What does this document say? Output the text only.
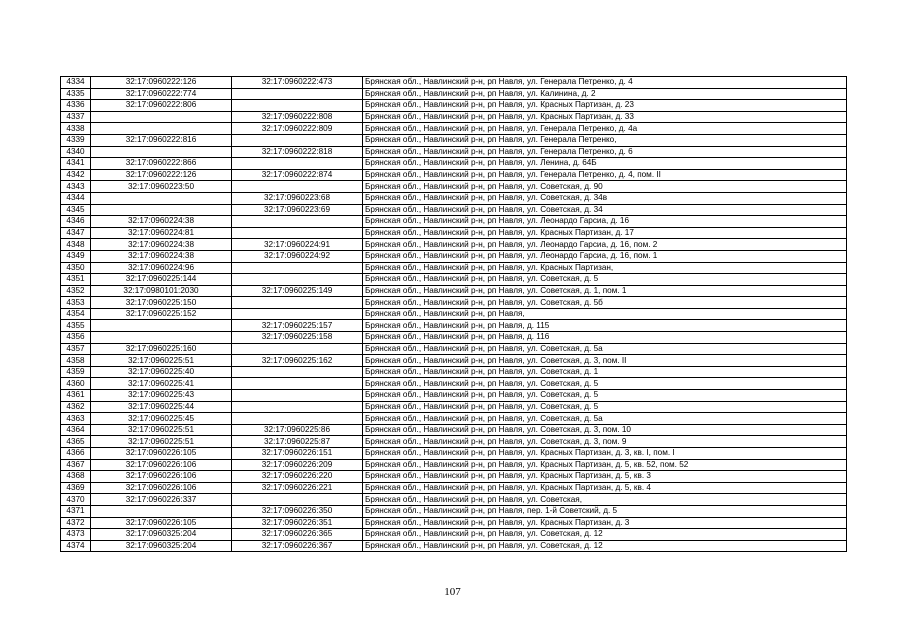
4334	32:17:0960222:126	32:17:0960222:473	Брянская обл., Навлинский р-н, рп Навля, ул. Генерала Петренко, д. 4
4335	32:17:0960222:774		Брянская обл., Навлинский р-н, рп Навля, ул. Калинина, д. 2
4336	32:17:0960222:806		Брянская обл., Навлинский р-н, рп Навля, ул. Красных Партизан, д. 23
4337		32:17:0960222:808	Брянская обл., Навлинский р-н, рп Навля, ул. Красных Партизан, д. 33
4338		32:17:0960222:809	Брянская обл., Навлинский р-н, рп Навля, ул. Генерала Петренко, д. 4а
4339	32:17:0960222:816		Брянская обл., Навлинский р-н, рп Навля, ул. Генерала Петренко,
4340		32:17:0960222:818	Брянская обл., Навлинский р-н, рп Навля, ул. Генерала Петренко, д. 6
4341	32:17:0960222:866		Брянская обл., Навлинский р-н, рп Навля, ул. Ленина, д. 64Б
4342	32:17:0960222:126	32:17:0960222:874	Брянская обл., Навлинский р-н, рп Навля, ул. Генерала Петренко, д. 4, пом. II
4343	32:17:0960223:50		Брянская обл., Навлинский р-н, рп Навля, ул. Советская, д. 90
4344		32:17:0960223:68	Брянская обл., Навлинский р-н, рп Навля, ул. Советская, д. 34в
4345		32:17:0960223:69	Брянская обл., Навлинский р-н, рп Навля, ул. Советская, д. 34
4346	32:17:0960224:38		Брянская обл., Навлинский р-н, рп Навля, ул. Леонардо Гарсиа, д. 16
4347	32:17:0960224:81		Брянская обл., Навлинский р-н, рп Навля, ул. Красных Партизан, д. 17
4348	32:17:0960224:38	32:17:0960224:91	Брянская обл., Навлинский р-н, рп Навля, ул. Леонардо Гарсиа, д. 16, пом. 2
4349	32:17:0960224:38	32:17:0960224:92	Брянская обл., Навлинский р-н, рп Навля, ул. Леонардо Гарсиа, д. 16, пом. 1
4350	32:17:0960224:96		Брянская обл., Навлинский р-н, рп Навля, ул. Красных Партизан,
4351	32:17:0960225:144		Брянская обл., Навлинский р-н, рп Навля, ул. Советская, д. 5
4352	32:17:0980101:2030	32:17:0960225:149	Брянская обл., Навлинский р-н, рп Навля, ул. Советская, д. 1, пом. 1
4353	32:17:0960225:150		Брянская обл., Навлинский р-н, рп Навля, ул. Советская, д. 5б
4354	32:17:0960225:152		Брянская обл., Навлинский р-н, рп Навля,
4355		32:17:0960225:157	Брянская обл., Навлинский р-н, рп Навля, д. 115
4356		32:17:0960225:158	Брянская обл., Навлинский р-н, рп Навля, д. 116
4357	32:17:0960225:160		Брянская обл., Навлинский р-н, рп Навля, ул. Советская, д. 5а
4358	32:17:0960225:51	32:17:0960225:162	Брянская обл., Навлинский р-н, рп Навля, ул. Советская, д. 3, пом. II
4359	32:17:0960225:40		Брянская обл., Навлинский р-н, рп Навля, ул. Советская, д. 1
4360	32:17:0960225:41		Брянская обл., Навлинский р-н, рп Навля, ул. Советская, д. 5
4361	32:17:0960225:43		Брянская обл., Навлинский р-н, рп Навля, ул. Советская, д. 5
4362	32:17:0960225:44		Брянская обл., Навлинский р-н, рп Навля, ул. Советская, д. 5
4363	32:17:0960225:45		Брянская обл., Навлинский р-н, рп Навля, ул. Советская, д. 5а
4364	32:17:0960225:51	32:17:0960225:86	Брянская обл., Навлинский р-н, рп Навля, ул. Советская, д. 3, пом. 10
4365	32:17:0960225:51	32:17:0960225:87	Брянская обл., Навлинский р-н, рп Навля, ул. Советская, д. 3, пом. 9
4366	32:17:0960226:105	32:17:0960226:151	Брянская обл., Навлинский р-н, рп Навля, ул. Красных Партизан, д. 3, кв. I, пом. I
4367	32:17:0960226:106	32:17:0960226:209	Брянская обл., Навлинский р-н, рп Навля, ул. Красных Партизан, д. 5, кв. 52, пом. 52
4368	32:17:0960226:106	32:17:0960226:220	Брянская обл., Навлинский р-н, рп Навля, ул. Красных Партизан, д. 5, кв. 3
4369	32:17:0960226:106	32:17:0960226:221	Брянская обл., Навлинский р-н, рп Навля, ул. Красных Партизан, д. 5, кв. 4
4370	32:17:0960226:337		Брянская обл., Навлинский р-н, рп Навля, ул. Советская,
4371		32:17:0960226:350	Брянская обл., Навлинский р-н, рп Навля, пер. 1-й Советский, д. 5
4372	32:17:0960226:105	32:17:0960226:351	Брянская обл., Навлинский р-н, рп Навля, ул. Красных Партизан, д. 3
4373	32:17:0960325:204	32:17:0960226:365	Брянская обл., Навлинский р-н, рп Навля, ул. Советская, д. 12
4374	32:17:0960325:204	32:17:0960226:367	Брянская обл., Навлинский р-н, рп Навля, ул. Советская, д. 12
107
